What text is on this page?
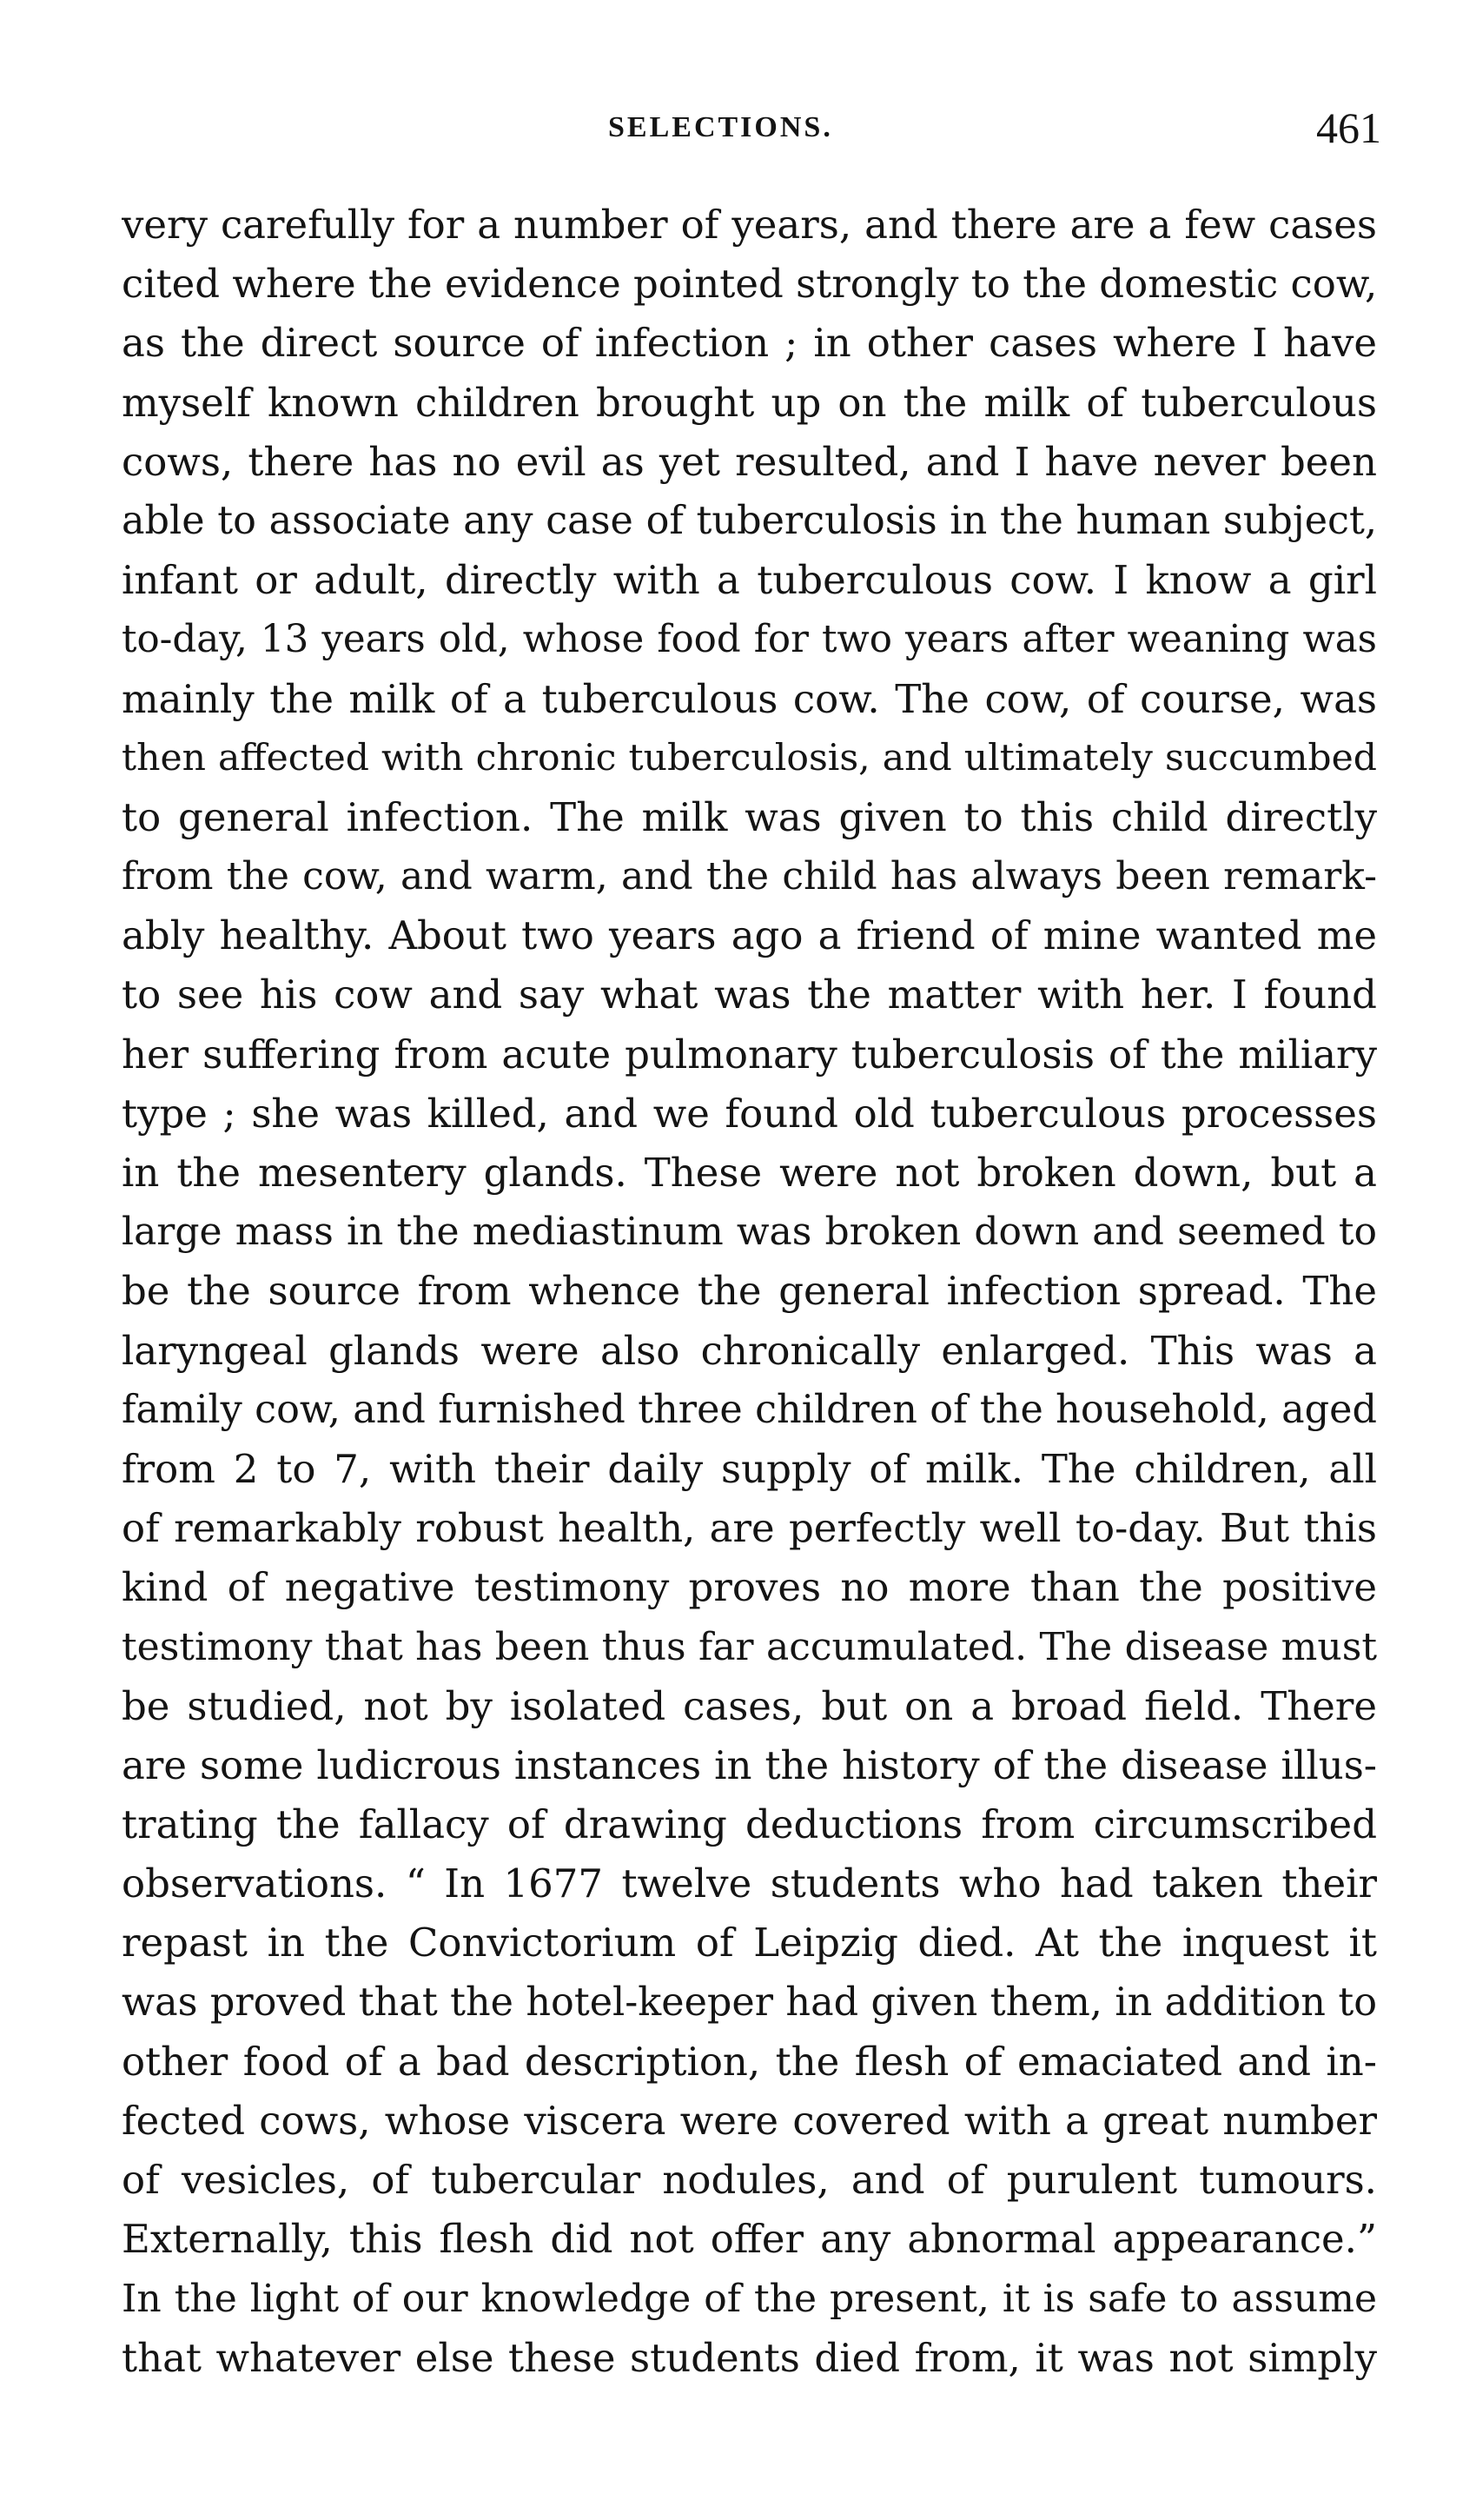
SELECTIONS.	461
very carefully for a number of years, and there are a few cases
cited where the evidence pointed strongly to the domestic cow,
as the direct source of infection ; in other cases where I have
myself known children brought up on the milk of tuberculous
cows, there has no evil as yet resulted, and I have never been
able to associate any case of tuberculosis in the human subject,
infant or adult, directly with a tuberculous cow. I know a girl
to-day, 13 years old, whose food for two years after weaning was
mainly the milk of a tuberculous cow. The cow, of course, was
then affected with chronic tuberculosis, and ultimately succumbed
to general infection. The milk was given to this child directly
from the cow, and warm, and the child has always been remark-
ably healthy. About two years ago a friend of mine wanted me
to see his cow and say what was the matter with her. I found
her suffering from acute pulmonary tuberculosis of the miliary
type ; she was killed, and we found old tuberculous processes
in the mesentery glands. These were not broken down, but a
large mass in the mediastinum was broken down and seemed to
be the source from whence the general infection spread. The
laryngeal glands were also chronically enlarged. This was a
family cow, and furnished three children of the household, aged
from 2 to 7, with their daily supply of milk. The children, all
of remarkably robust health, are perfectly well to-day. But this
kind of negative testimony proves no more than the positive
testimony that has been thus far accumulated. The disease must
be studied, not by isolated cases, but on a broad field. There
are some ludicrous instances in the history of the disease illus-
trating the fallacy of drawing deductions from circumscribed
observations. “ In 1677 twelve students who had taken their
repast in the Convictorium of Leipzig died. At the inquest it
was proved that the hotel-keeper had given them, in addition to
other food of a bad description, the flesh of emaciated and in-
fected cows, whose viscera were covered with a great number
of vesicles, of tubercular nodules, and of purulent tumours.
Externally, this flesh did not offer any abnormal appearance.”
In the light of our knowledge of the present, it is safe to assume
that whatever else these students died from, it was not simply
